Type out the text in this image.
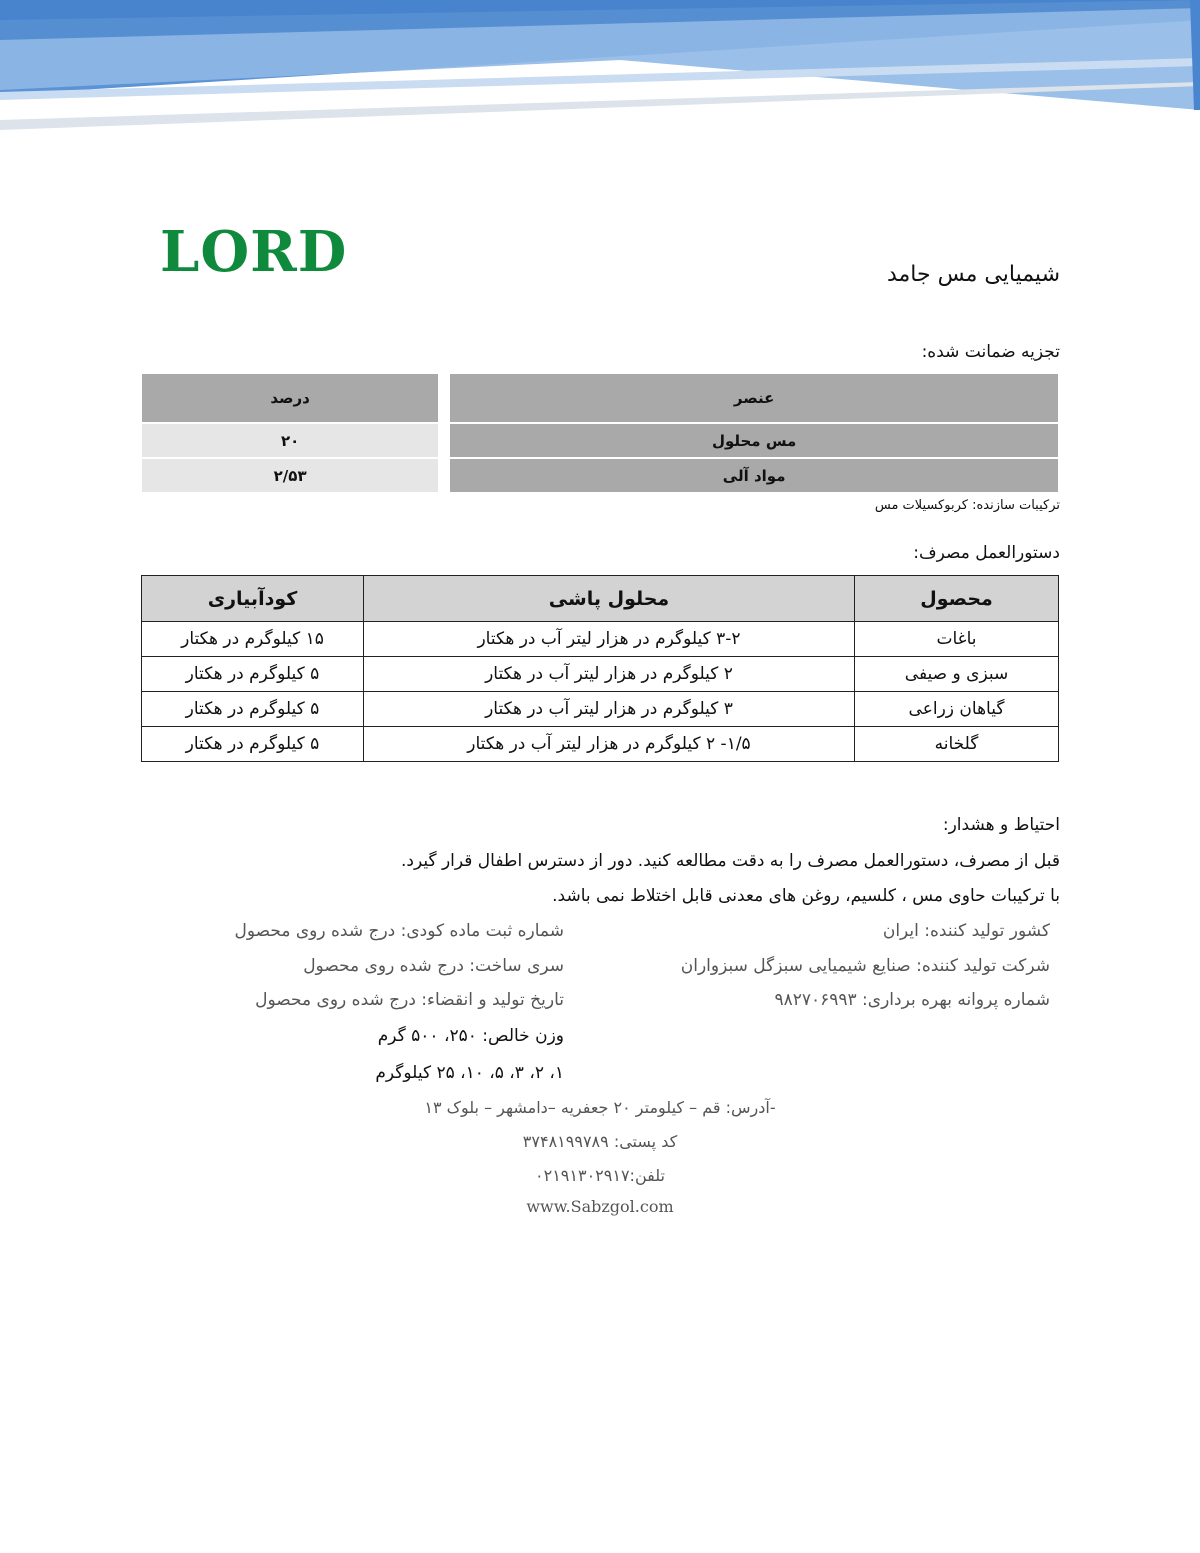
LORD	شیمیایی مس جامد
تجزیه ضمانت شده:
عنصر	درصد
مس محلول	۲۰
مواد آلی	۲/۵۳
ترکیبات سازنده: کربوکسیلات مس
دستورالعمل مصرف:
محصول	محلول پاشی	کودآبیاری
باغات	۳-۲ کیلوگرم در هزار لیتر آب در هکتار	۱۵ کیلوگرم در هکتار
سبزی و صیفی	۲ کیلوگرم در هزار لیتر آب در هکتار	۵ کیلوگرم در هکتار
گیاهان زراعی	۳ کیلوگرم در هزار لیتر آب در هکتار	۵ کیلوگرم در هکتار
گلخانه	۱/۵- ۲ کیلوگرم در هزار لیتر آب در هکتار	۵ کیلوگرم در هکتار
احتیاط و هشدار:
قبل از مصرف، دستورالعمل مصرف را به دقت مطالعه کنید. دور از دسترس اطفال قرار گیرد.
با ترکیبات حاوی مس ، کلسیم، روغن های معدنی قابل اختلاط نمی باشد.
کشور تولید کننده: ایران
شرکت تولید کننده: صنایع شیمیایی سبزگل سبزواران
شماره پروانه بهره برداری: ۹۸۲۷۰۶۹۹۳
شماره ثبت ماده کودی: درج شده روی محصول
سری ساخت: درج شده روی محصول
تاریخ تولید و انقضاء: درج شده روی محصول
وزن خالص: ۲۵۰، ۵۰۰ گرم
۱، ۲، ۳، ۵، ۱۰، ۲۵ کیلوگرم
-آدرس: قم – کیلومتر ۲۰ جعفریه –دامشهر – بلوک ۱۳
کد پستی: ۳۷۴۸۱۹۹۷۸۹
تلفن:۰۲۱۹۱۳۰۲۹۱۷
www.Sabzgol.com
